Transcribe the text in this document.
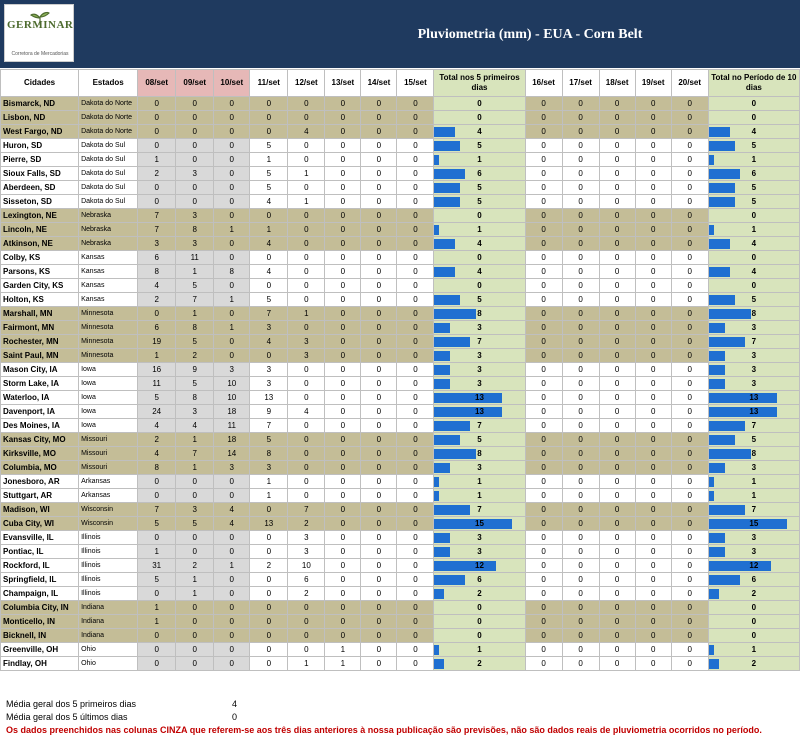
GERMINAR
Corretora de Mercadorias
Pluviometria (mm) - EUA - Corn Belt
Cidades	Estados	08/set	09/set	10/set	11/set	12/set	13/set	14/set	15/set	Total nos 5 primeiros dias	16/set	17/set	18/set	19/set	20/set	Total no Período de 10 dias
Bismarck, ND	Dakota do Norte	0	0	0	0	0	0	0	0	0	0	0	0	0	0	0
Lisbon, ND	Dakota do Norte	0	0	0	0	0	0	0	0	0	0	0	0	0	0	0
West Fargo, ND	Dakota do Norte	0	0	0	0	4	0	0	0	4	0	0	0	0	0	4
Huron, SD	Dakota do Sul	0	0	0	5	0	0	0	0	5	0	0	0	0	0	5
Pierre, SD	Dakota do Sul	1	0	0	1	0	0	0	0	1	0	0	0	0	0	1
Sioux Falls, SD	Dakota do Sul	2	3	0	5	1	0	0	0	6	0	0	0	0	0	6
Aberdeen, SD	Dakota do Sul	0	0	0	5	0	0	0	0	5	0	0	0	0	0	5
Sisseton, SD	Dakota do Sul	0	0	0	4	1	0	0	0	5	0	0	0	0	0	5
Lexington, NE	Nebraska	7	3	0	0	0	0	0	0	0	0	0	0	0	0	0
Lincoln, NE	Nebraska	7	8	1	1	0	0	0	0	1	0	0	0	0	0	1
Atkinson, NE	Nebraska	3	3	0	4	0	0	0	0	4	0	0	0	0	0	4
Colby, KS	Kansas	6	11	0	0	0	0	0	0	0	0	0	0	0	0	0
Parsons, KS	Kansas	8	1	8	4	0	0	0	0	4	0	0	0	0	0	4
Garden City, KS	Kansas	4	5	0	0	0	0	0	0	0	0	0	0	0	0	0
Holton, KS	Kansas	2	7	1	5	0	0	0	0	5	0	0	0	0	0	5
Marshall, MN	Minnesota	0	1	0	7	1	0	0	0	8	0	0	0	0	0	8
Fairmont, MN	Minnesota	6	8	1	3	0	0	0	0	3	0	0	0	0	0	3
Rochester, MN	Minnesota	19	5	0	4	3	0	0	0	7	0	0	0	0	0	7
Saint Paul, MN	Minnesota	1	2	0	0	3	0	0	0	3	0	0	0	0	0	3
Mason City, IA	Iowa	16	9	3	3	0	0	0	0	3	0	0	0	0	0	3
Storm Lake, IA	Iowa	11	5	10	3	0	0	0	0	3	0	0	0	0	0	3
Waterloo, IA	Iowa	5	8	10	13	0	0	0	0	13	0	0	0	0	0	13
Davenport, IA	Iowa	24	3	18	9	4	0	0	0	13	0	0	0	0	0	13
Des Moines, IA	Iowa	4	4	11	7	0	0	0	0	7	0	0	0	0	0	7
Kansas City, MO	Missouri	2	1	18	5	0	0	0	0	5	0	0	0	0	0	5
Kirksville, MO	Missouri	4	7	14	8	0	0	0	0	8	0	0	0	0	0	8
Columbia, MO	Missouri	8	1	3	3	0	0	0	0	3	0	0	0	0	0	3
Jonesboro, AR	Arkansas	0	0	0	1	0	0	0	0	1	0	0	0	0	0	1
Stuttgart, AR	Arkansas	0	0	0	1	0	0	0	0	1	0	0	0	0	0	1
Madison, WI	Wisconsin	7	3	4	0	7	0	0	0	7	0	0	0	0	0	7
Cuba City, WI	Wisconsin	5	5	4	13	2	0	0	0	15	0	0	0	0	0	15
Evansville, IL	Illinois	0	0	0	0	3	0	0	0	3	0	0	0	0	0	3
Pontiac, IL	Illinois	1	0	0	0	3	0	0	0	3	0	0	0	0	0	3
Rockford, IL	Illinois	31	2	1	2	10	0	0	0	12	0	0	0	0	0	12
Springfield, IL	Illinois	5	1	0	0	6	0	0	0	6	0	0	0	0	0	6
Champaign, IL	Illinois	0	1	0	0	2	0	0	0	2	0	0	0	0	0	2
Columbia City, IN	Indiana	1	0	0	0	0	0	0	0	0	0	0	0	0	0	0
Monticello, IN	Indiana	1	0	0	0	0	0	0	0	0	0	0	0	0	0	0
Bicknell, IN	Indiana	0	0	0	0	0	0	0	0	0	0	0	0	0	0	0
Greenville, OH	Ohio	0	0	0	0	0	1	0	0	1	0	0	0	0	0	1
Findlay, OH	Ohio	0	0	0	0	1	1	0	0	2	0	0	0	0	0	2
Média geral dos 5 primeiros dias	4
Média geral dos 5 últimos dias	0
Os dados preenchidos nas colunas CINZA que referem-se aos três dias anteriores à nossa publicação são previsões, não são dados reais de pluviometria ocorridos no período.
